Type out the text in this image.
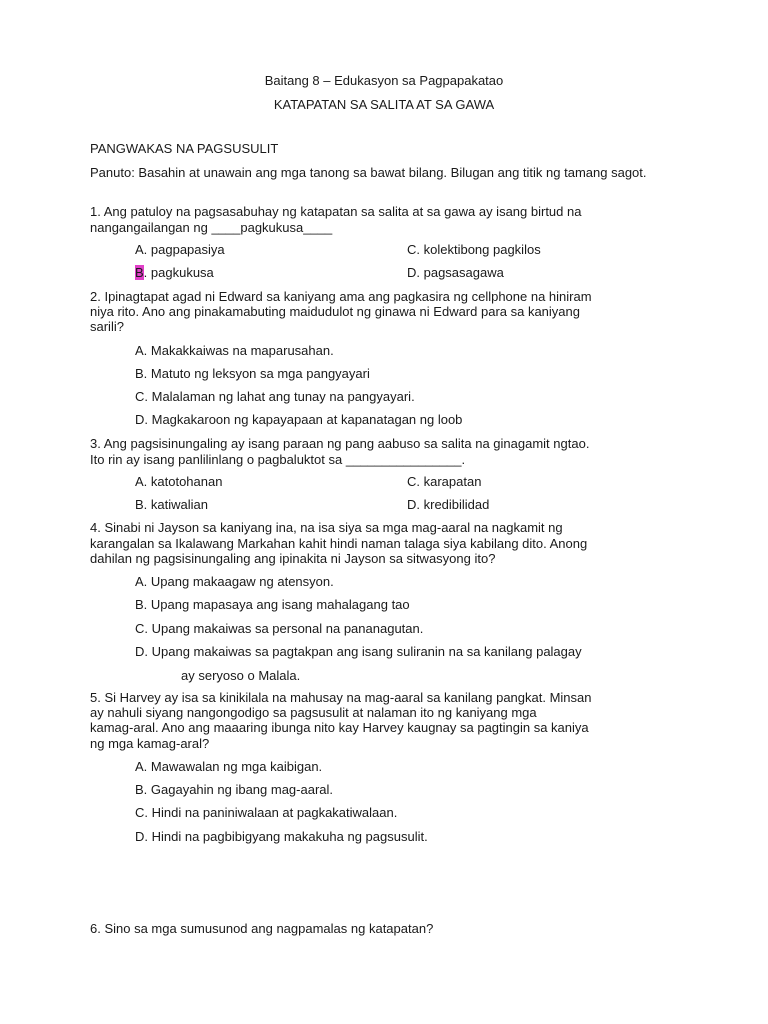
Baitang 8 – Edukasyon sa Pagpapakatao
KATAPATAN SA SALITA AT SA GAWA
PANGWAKAS NA PAGSUSULIT
Panuto: Basahin at unawain ang mga tanong sa bawat bilang. Bilugan ang titik ng tamang sagot.
1. Ang patuloy na pagsasabuhay ng katapatan sa salita at sa gawa ay isang birtud na
nangangailangan ng ____pagkukusa____
A. pagpapasiya	C. kolektibong pagkilos
B. pagkukusa	D. pagsasagawa
2. Ipinagtapat agad ni Edward sa kaniyang ama ang pagkasira ng cellphone na hiniram
niya rito. Ano ang pinakamabuting maidudulot ng ginawa ni Edward para sa kaniyang
sarili?
A. Makakkaiwas na maparusahan.
B. Matuto ng leksyon sa mga pangyayari
C. Malalaman ng lahat ang tunay na pangyayari.
D. Magkakaroon ng kapayapaan at kapanatagan ng loob
3. Ang pagsisinungaling ay isang paraan ng pang aabuso sa salita na ginagamit ngtao.
Ito rin ay isang panlilinlang o pagbaluktot sa ________________.
A. katotohanan	C. karapatan
B. katiwalian	D. kredibilidad
4. Sinabi ni Jayson sa kaniyang ina, na isa siya sa mga mag-aaral na nagkamit ng
karangalan sa Ikalawang Markahan kahit hindi naman talaga siya kabilang dito. Anong
dahilan ng pagsisinungaling ang ipinakita ni Jayson sa sitwasyong ito?
A. Upang makaagaw ng atensyon.
B. Upang mapasaya ang isang mahalagang tao
C. Upang makaiwas sa personal na pananagutan.
D. Upang makaiwas sa pagtakpan ang isang suliranin na sa kanilang palagay
ay seryoso o Malala.
5. Si Harvey ay isa sa kinikilala na mahusay na mag-aaral sa kanilang pangkat. Minsan
ay nahuli siyang nangongodigo sa pagsusulit at nalaman ito ng kaniyang mga
kamag-aral. Ano ang maaaring ibunga nito kay Harvey kaugnay sa pagtingin sa kaniya
ng mga kamag-aral?
A. Mawawalan ng mga kaibigan.
B. Gagayahin ng ibang mag-aaral.
C. Hindi na paniniwalaan at pagkakatiwalaan.
D. Hindi na pagbibigyang makakuha ng pagsusulit.
6. Sino sa mga sumusunod ang nagpamalas ng katapatan?
